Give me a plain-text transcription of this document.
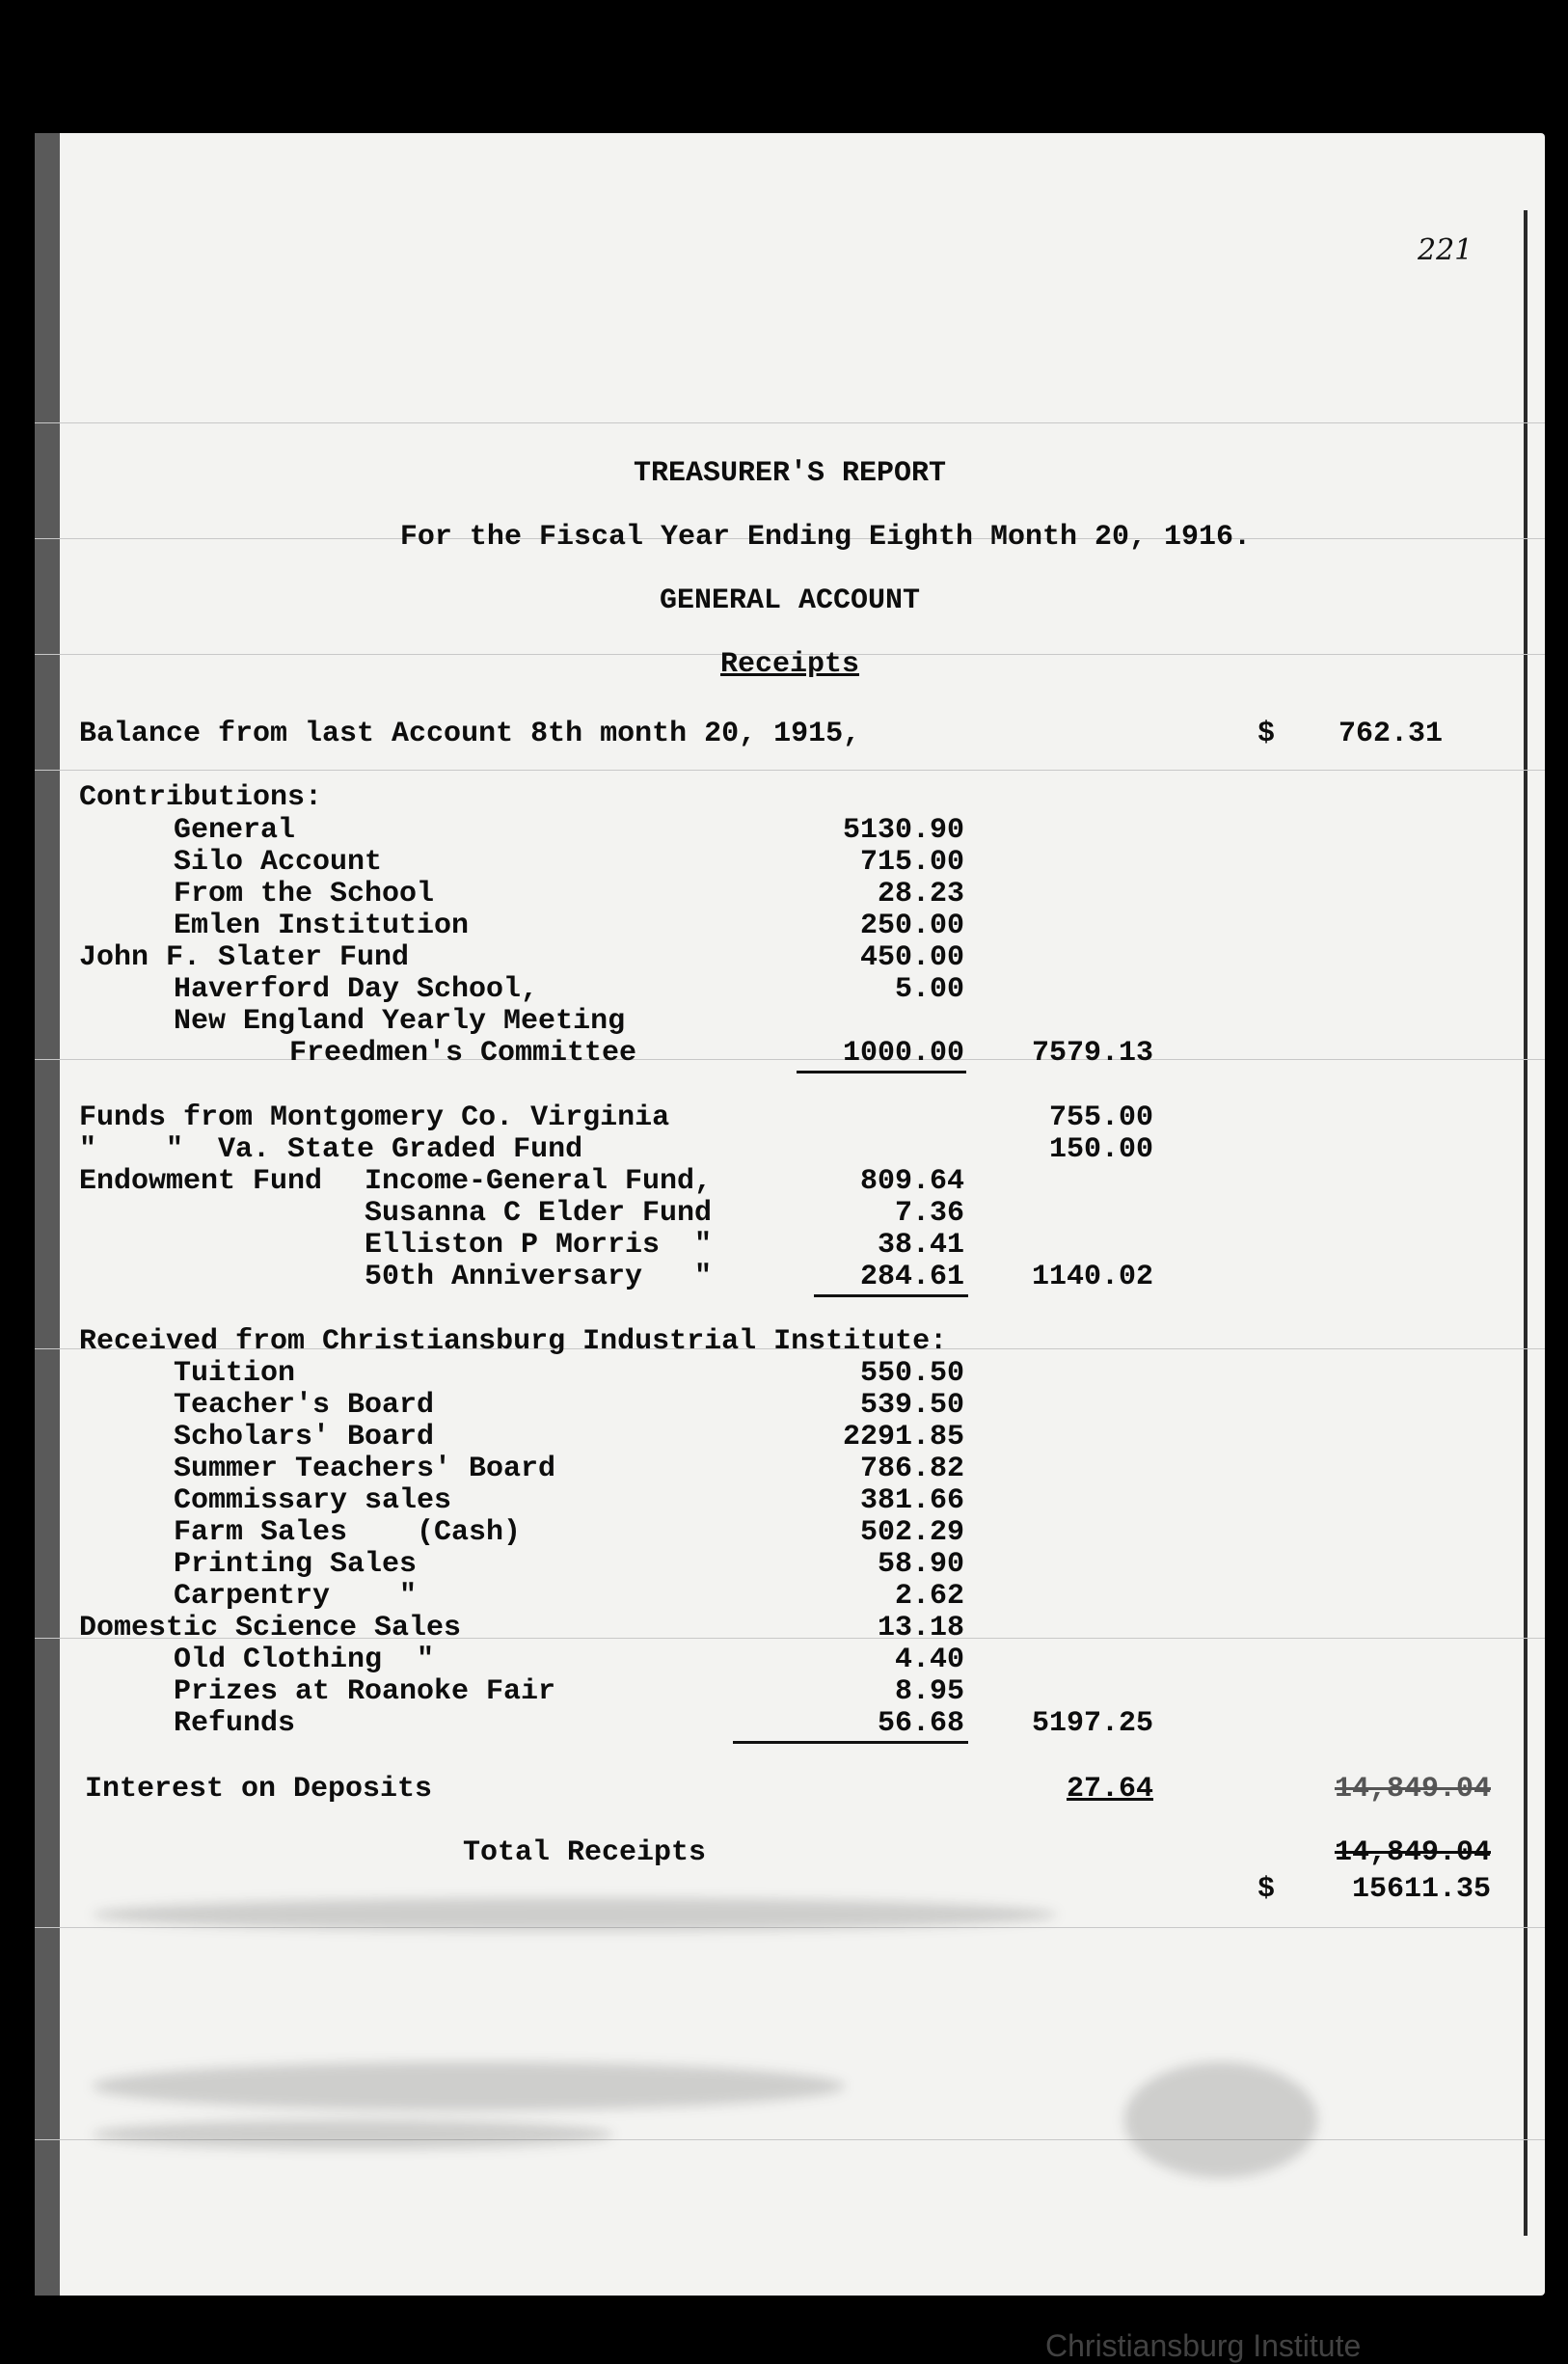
221
TREASURER'S REPORT
For the Fiscal Year Ending Eighth Month 20, 1916.
GENERAL ACCOUNT
Receipts
Balance from last Account 8th month 20, 1915,	$	762.31
Contributions:
General	5130.90
Silo Account	715.00
From the School	28.23
Emlen Institution	250.00
John F. Slater Fund	450.00
Haverford Day School,	5.00
New England Yearly Meeting
Freedmen's Committee	1000.00	7579.13
Funds from Montgomery Co. Virginia	755.00
"    "  Va. State Graded Fund	150.00
Endowment Fund Income-General Fund,	809.64
Susanna C Elder Fund	7.36
Elliston P Morris  "	38.41
50th Anniversary   "	284.61	1140.02
Received from Christiansburg Industrial Institute:
Tuition	550.50
Teacher's Board	539.50
Scholars' Board	2291.85
Summer Teachers' Board	786.82
Commissary sales	381.66
Farm Sales    (Cash)	502.29
Printing Sales	58.90
Carpentry    "	2.62
Domestic Science Sales	13.18
Old Clothing  "	4.40
Prizes at Roanoke Fair	8.95
Refunds	56.68	5197.25
Interest on Deposits	27.64	14,849.04
Total Receipts	14,849.04
$	15611.35
Christiansburg Institute
